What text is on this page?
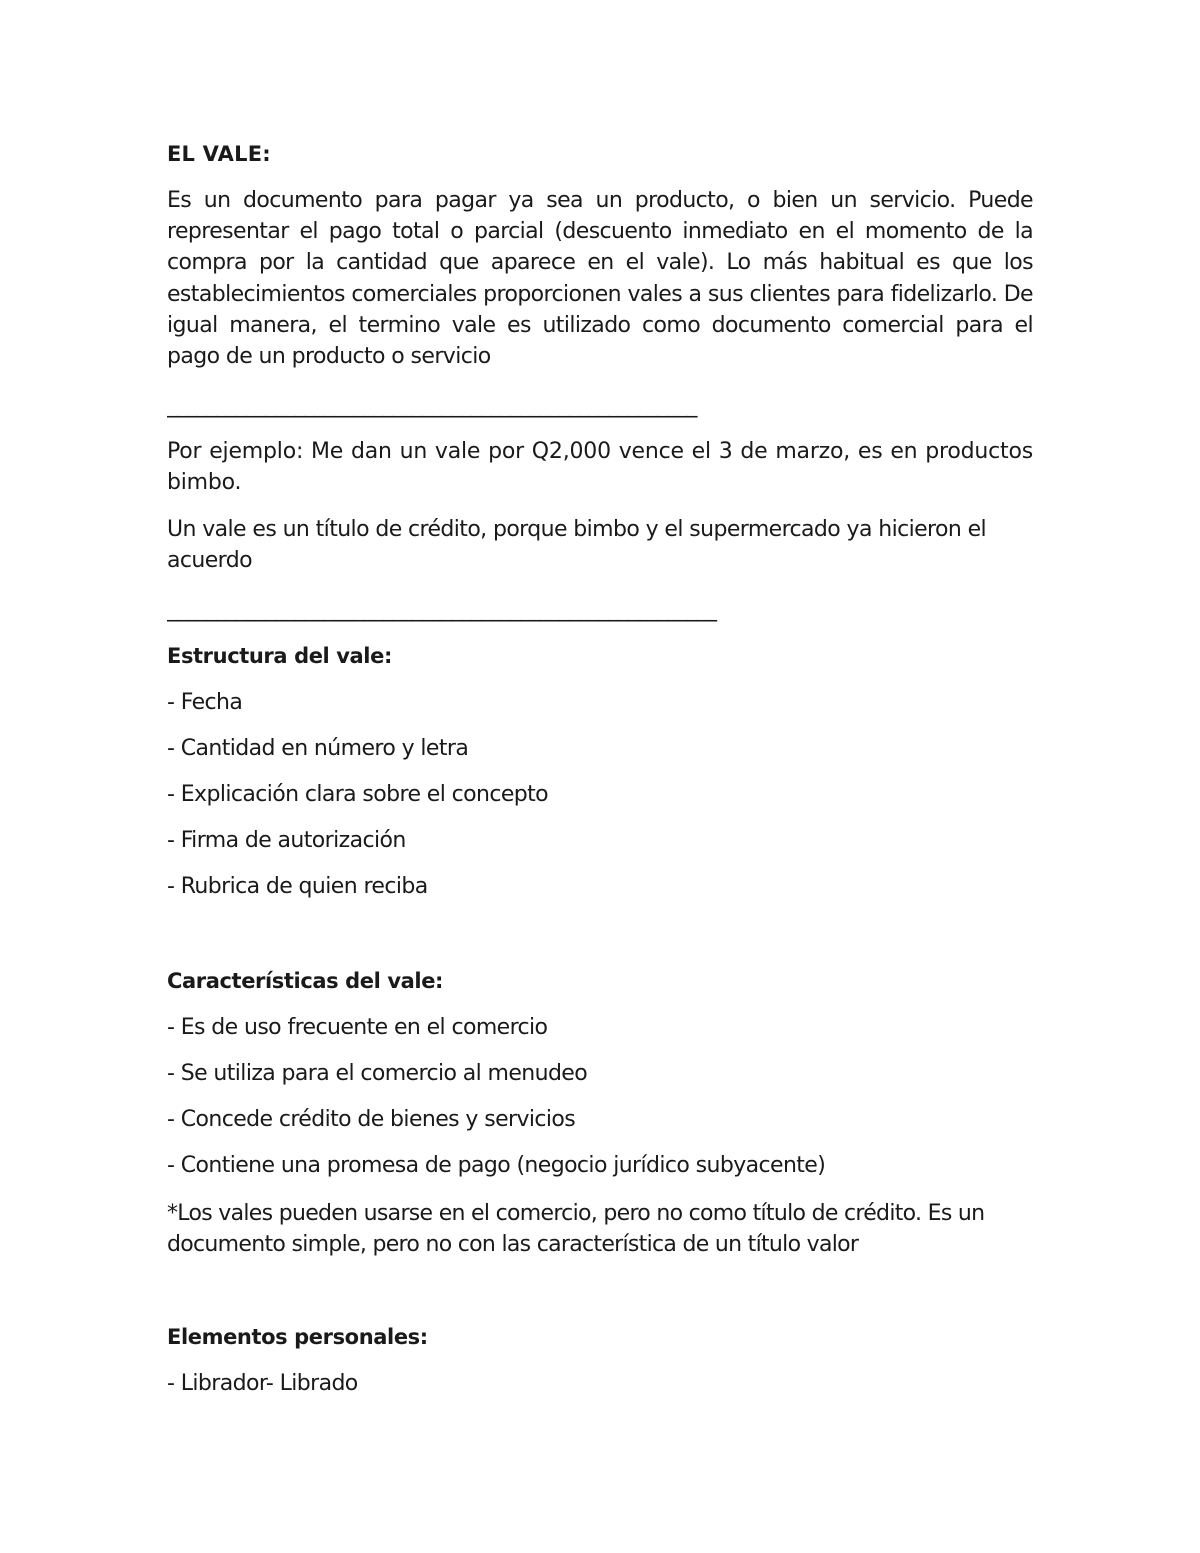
EL VALE:

Es un documento para pagar ya sea un producto, o bien un servicio. Puede representar el pago total o parcial (descuento inmediato en el momento de la compra por la cantidad que aparece en el vale). Lo más habitual es que los establecimientos comerciales proporcionen vales a sus clientes para fidelizarlo. De igual manera, el termino vale es utilizado como documento comercial para el pago de un producto o servicio

______________________________________________________

Por ejemplo: Me dan un vale por Q2,000 vence el 3 de marzo, es en productos bimbo.

Un vale es un título de crédito, porque bimbo y el supermercado ya hicieron el acuerdo

________________________________________________________

Estructura del vale:

- Fecha

- Cantidad en número y letra

- Explicación clara sobre el concepto

- Firma de autorización

- Rubrica de quien reciba

Características del vale:

- Es de uso frecuente en el comercio

- Se utiliza para el comercio al menudeo

- Concede crédito de bienes y servicios

- Contiene una promesa de pago (negocio jurídico subyacente)

*Los vales pueden usarse en el comercio, pero no como título de crédito. Es un documento simple, pero no con las característica de un título valor

Elementos personales:

- Librador- Librado
